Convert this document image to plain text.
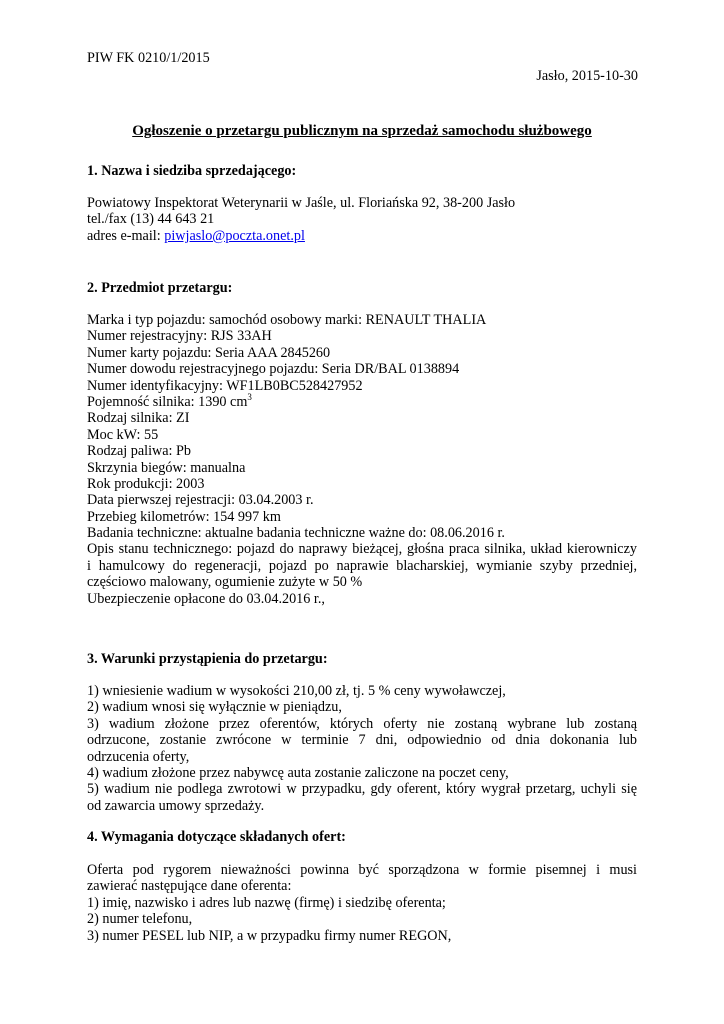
PIW FK 0210/1/2015
Jasło, 2015-10-30
Ogłoszenie o przetargu publicznym na sprzedaż samochodu służbowego
1. Nazwa i siedziba sprzedającego:
Powiatowy Inspektorat Weterynarii w Jaśle, ul. Floriańska 92, 38-200 Jasło
tel./fax (13) 44 643 21
adres e-mail: piwjaslo@poczta.onet.pl
2. Przedmiot przetargu:
Marka i typ pojazdu: samochód osobowy marki: RENAULT THALIA
Numer rejestracyjny: RJS 33AH
Numer karty pojazdu: Seria AAA 2845260
Numer dowodu rejestracyjnego pojazdu: Seria DR/BAL 0138894
Numer identyfikacyjny: WF1LB0BC528427952
Pojemność silnika: 1390 $cm^3$
Rodzaj silnika: ZI
Moc kW: 55
Rodzaj paliwa: Pb
Skrzynia biegów: manualna
Rok produkcji: 2003
Data pierwszej rejestracji: 03.04.2003 r.
Przebieg kilometrów: 154 997 km
Badania techniczne: aktualne badania techniczne ważne do: 08.06.2016 r.
Opis stanu technicznego: pojazd do naprawy bieżącej, głośna praca silnika, układ kierowniczy
i hamulcowy do regeneracji, pojazd po naprawie blacharskiej, wymianie szyby przedniej,
częściowo malowany, ogumienie zużyte w 50 %
Ubezpieczenie opłacone do 03.04.2016 r.,
3. Warunki przystąpienia do przetargu:
1) wniesienie wadium w wysokości 210,00 zł, tj. 5 % ceny wywoławczej,
2) wadium wnosi się wyłącznie w pieniądzu,
3) wadium złożone przez oferentów, których oferty nie zostaną wybrane lub zostaną
odrzucone, zostanie zwrócone w terminie 7 dni, odpowiednio od dnia dokonania lub
odrzucenia oferty,
4) wadium złożone przez nabywcę auta zostanie zaliczone na poczet ceny,
5) wadium nie podlega zwrotowi w przypadku, gdy oferent, który wygrał przetarg, uchyli się
od zawarcia umowy sprzedaży.
4. Wymagania dotyczące składanych ofert:
Oferta pod rygorem nieważności powinna być sporządzona w formie pisemnej i musi
zawierać następujące dane oferenta:
1) imię, nazwisko i adres lub nazwę (firmę) i siedzibę oferenta;
2) numer telefonu,
3) numer PESEL lub NIP, a w przypadku firmy numer REGON,
